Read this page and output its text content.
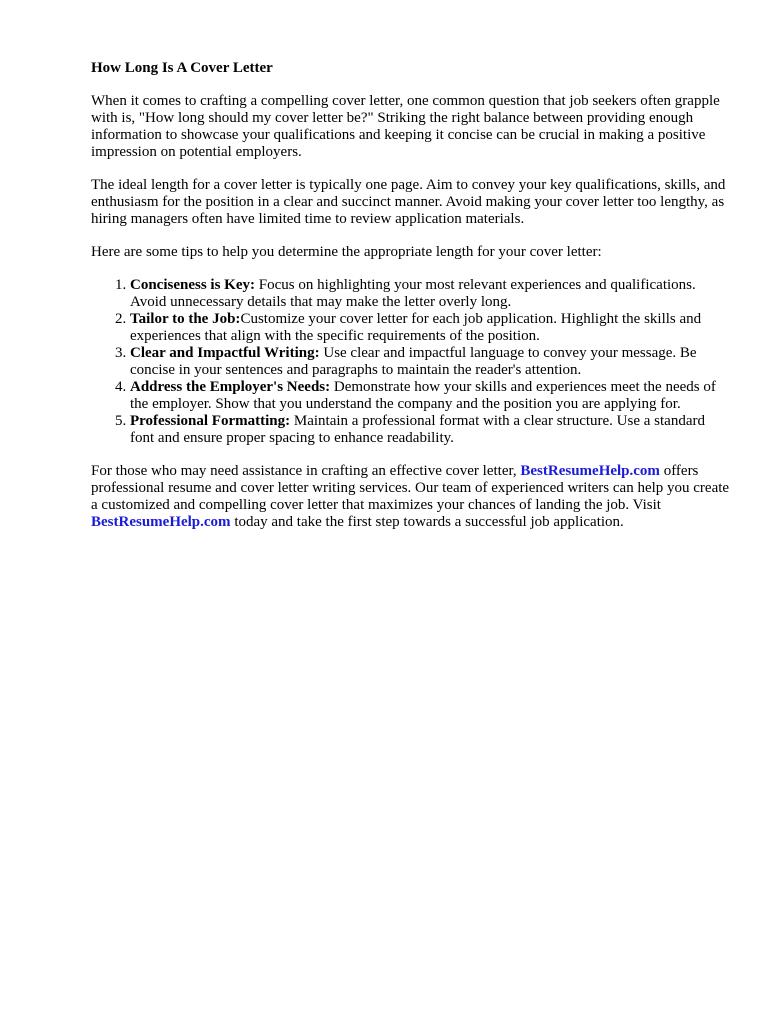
How Long Is A Cover Letter

When it comes to crafting a compelling cover letter, one common question that job seekers often grapple with is, "How long should my cover letter be?" Striking the right balance between providing enough information to showcase your qualifications and keeping it concise can be crucial in making a positive impression on potential employers.

The ideal length for a cover letter is typically one page. Aim to convey your key qualifications, skills, and enthusiasm for the position in a clear and succinct manner. Avoid making your cover letter too lengthy, as hiring managers often have limited time to review application materials.

Here are some tips to help you determine the appropriate length for your cover letter:

1. Conciseness is Key: Focus on highlighting your most relevant experiences and qualifications. Avoid unnecessary details that may make the letter overly long.
2. Tailor to the Job:Customize your cover letter for each job application. Highlight the skills and experiences that align with the specific requirements of the position.
3. Clear and Impactful Writing: Use clear and impactful language to convey your message. Be concise in your sentences and paragraphs to maintain the reader's attention.
4. Address the Employer's Needs: Demonstrate how your skills and experiences meet the needs of the employer. Show that you understand the company and the position you are applying for.
5. Professional Formatting: Maintain a professional format with a clear structure. Use a standard font and ensure proper spacing to enhance readability.

For those who may need assistance in crafting an effective cover letter, BestResumeHelp.com offers professional resume and cover letter writing services. Our team of experienced writers can help you create a customized and compelling cover letter that maximizes your chances of landing the job. Visit BestResumeHelp.com today and take the first step towards a successful job application.
